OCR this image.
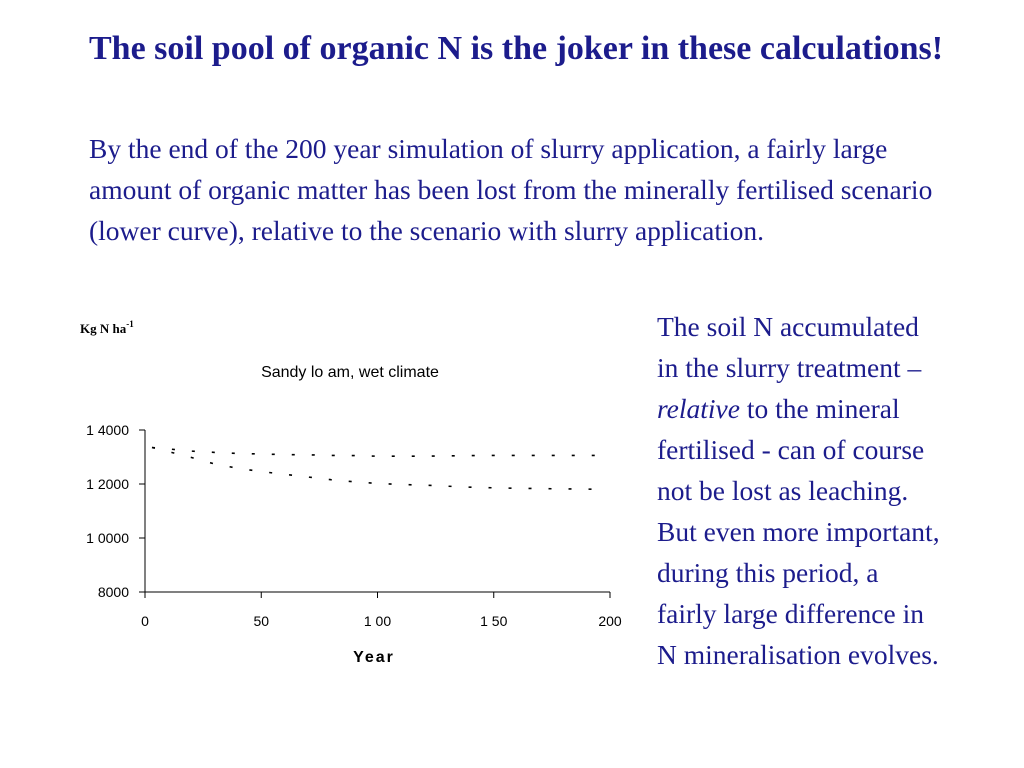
The soil pool of organic N is the joker in these calculations!
By the end of the 200 year simulation of slurry application, a fairly large amount of organic matter has been lost from the minerally fertilised scenario (lower curve), relative to the scenario with slurry application.
The soil N accumulated
in the slurry treatment –
relative to the mineral
fertilised - can of course
not be lost as leaching.
But even more important,
during this period, a
fairly large difference in
N mineralisation evolves.
Kg N $ha^{-1}$
Sandy lo am, wet climate
Year
8000
1 0000
1 2000
1 4000
0	50	1 00	1 50	200
